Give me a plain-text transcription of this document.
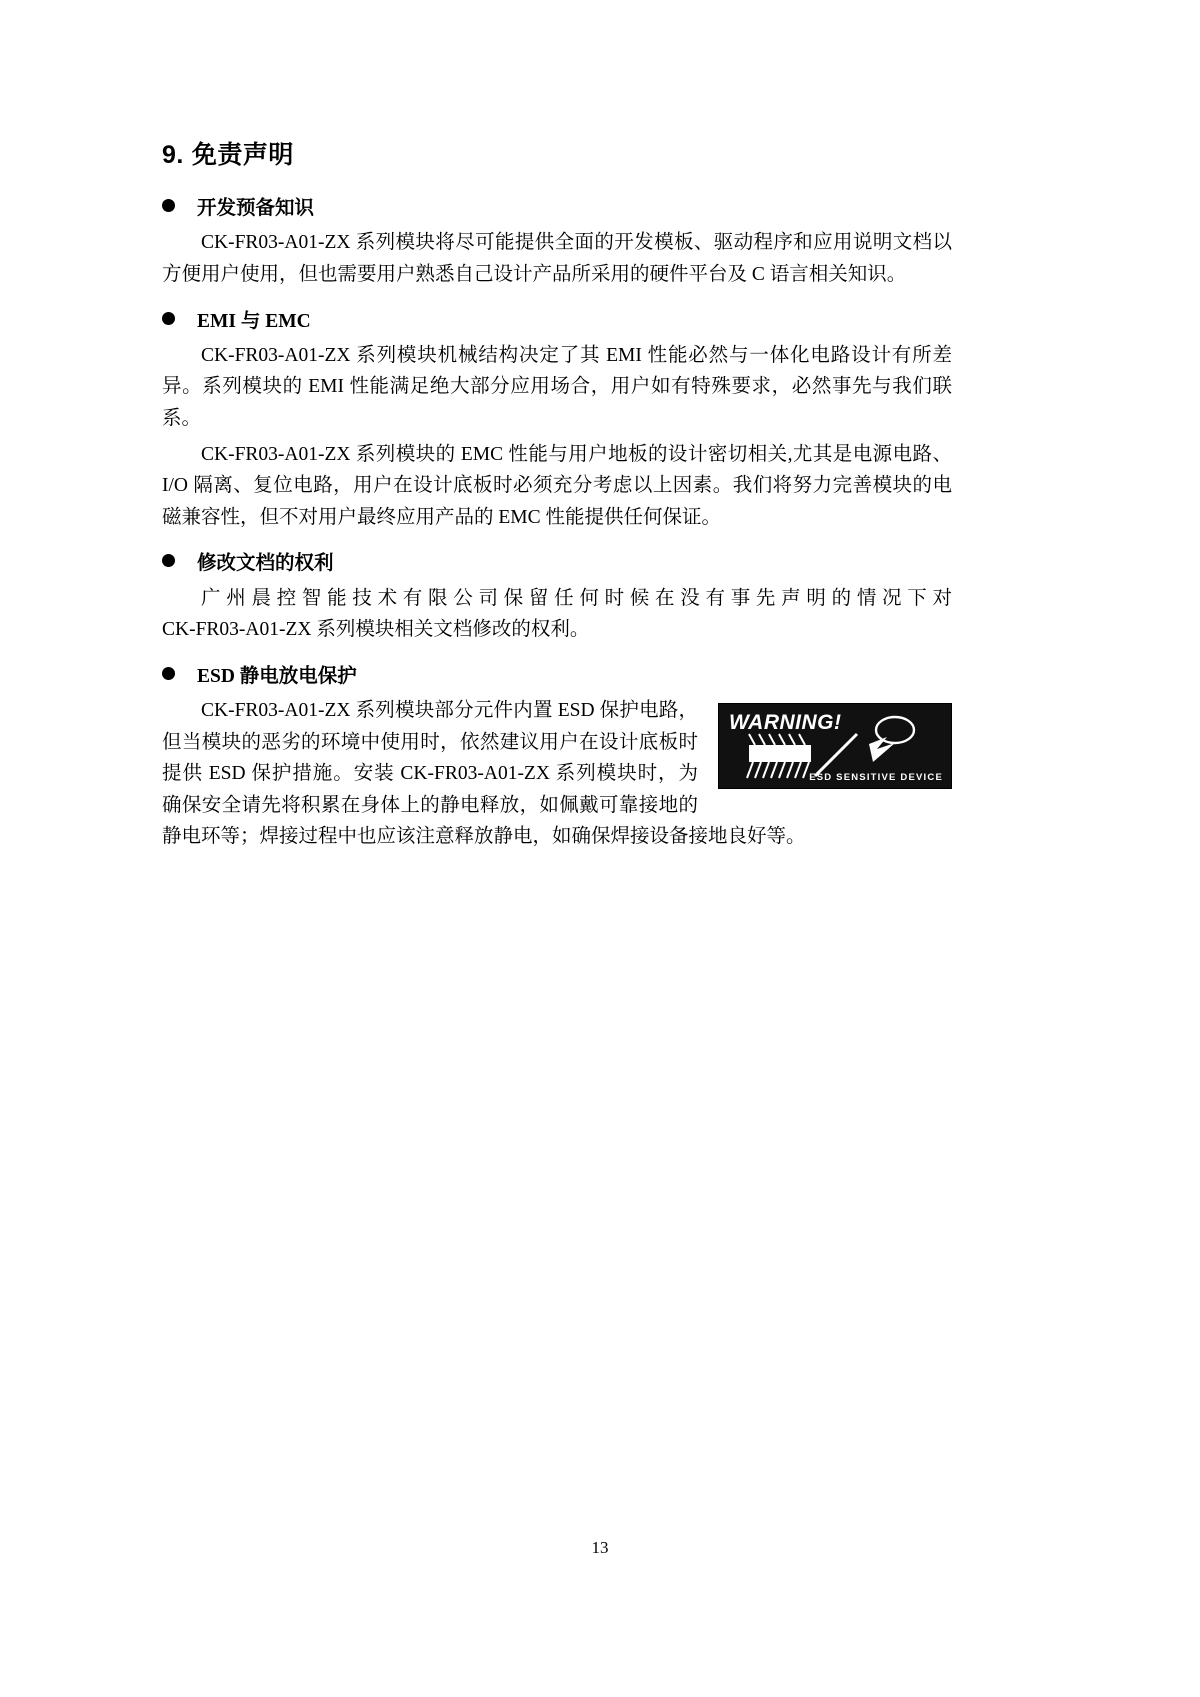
9. 免责声明
开发预备知识

CK-FR03-A01-ZX 系列模块将尽可能提供全面的开发模板、驱动程序和应用说明文档以方便用户使用，但也需要用户熟悉自己设计产品所采用的硬件平台及 C 语言相关知识。

EMI 与 EMC

CK-FR03-A01-ZX 系列模块机械结构决定了其 EMI 性能必然与一体化电路设计有所差异。系列模块的 EMI 性能满足绝大部分应用场合，用户如有特殊要求，必然事先与我们联系。

CK-FR03-A01-ZX 系列模块的 EMC 性能与用户地板的设计密切相关,尤其是电源电路、I/O 隔离、复位电路，用户在设计底板时必须充分考虑以上因素。我们将努力完善模块的电磁兼容性，但不对用户最终应用产品的 EMC 性能提供任何保证。

修改文档的权利

广 州 晨 控 智 能 技 术 有 限 公 司 保 留 任 何 时 候 在 没 有 事 先 声 明 的 情 况 下 对 CK-FR03-A01-ZX 系列模块相关文档修改的权利。

ESD 静电放电保护
WARNING!
ESD SENSITIVE DEVICE

CK-FR03-A01-ZX 系列模块部分元件内置 ESD 保护电路，但当模块的恶劣的环境中使用时，依然建议用户在设计底板时提供 ESD 保护措施。安装 CK-FR03-A01-ZX 系列模块时，为确保安全请先将积累在身体上的静电释放，如佩戴可靠接地的静电环等；焊接过程中也应该注意释放静电，如确保焊接设备接地良好等。

13
